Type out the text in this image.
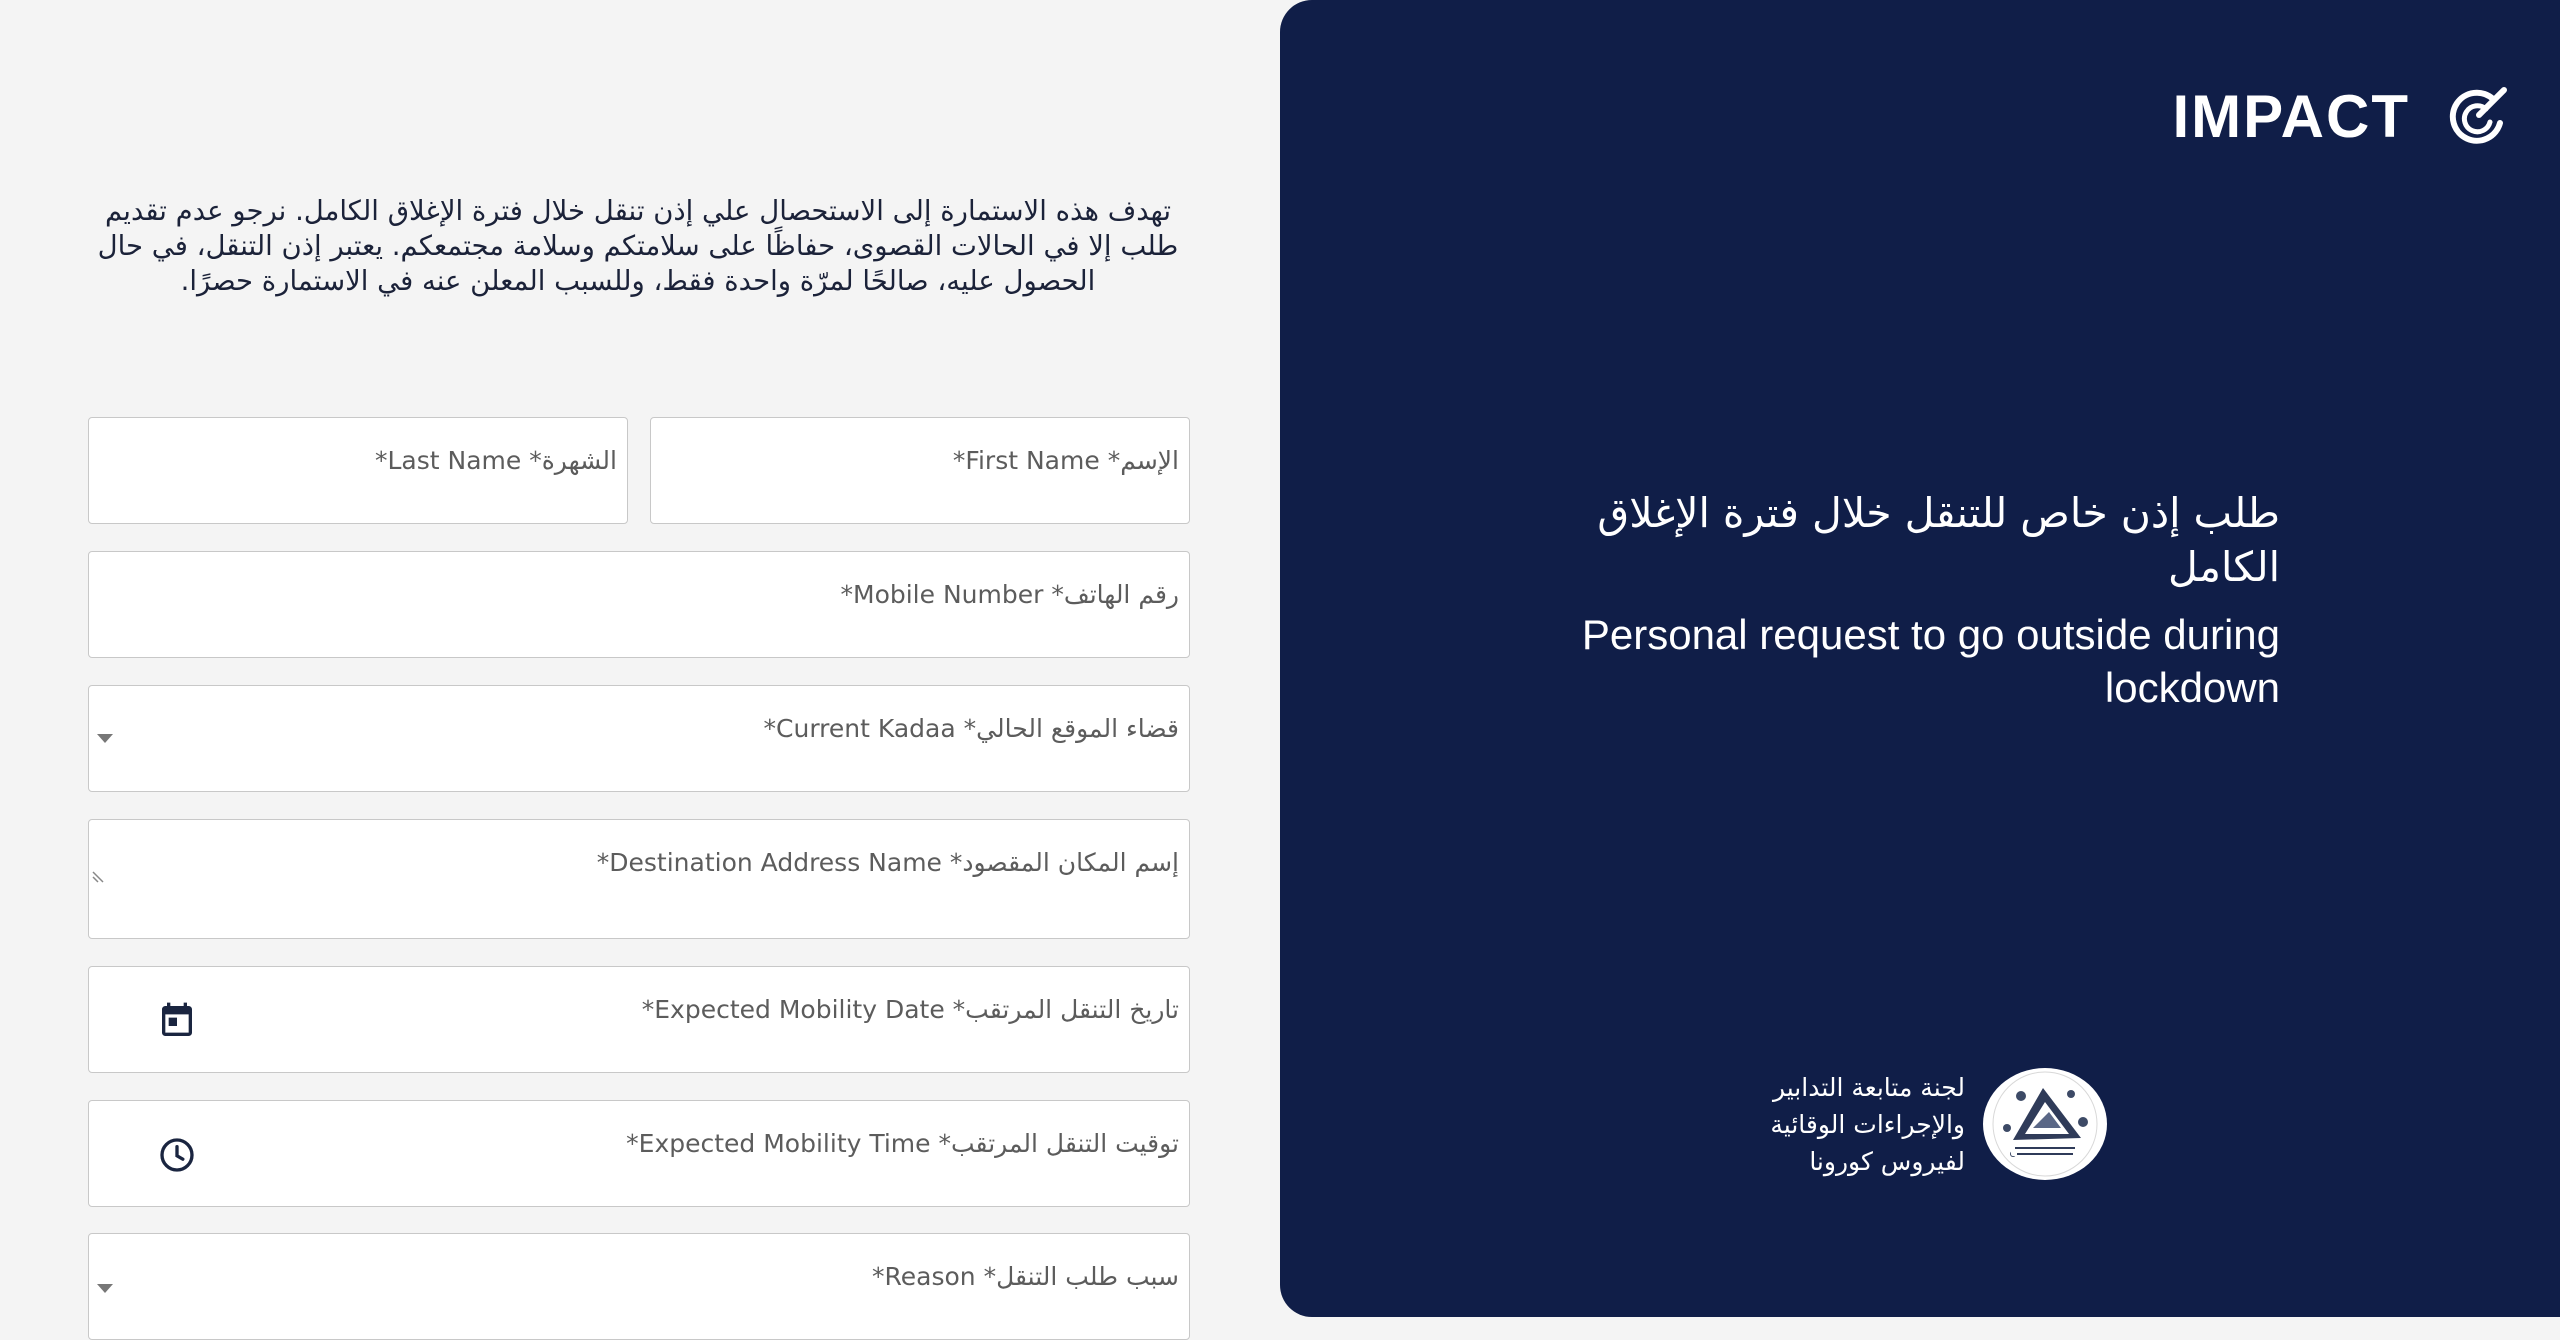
تهدف هذه الاستمارة إلى الاستحصال علي إذن تنقل خلال فترة الإغلاق الكامل. نرجو عدم تقديم طلب إلا في الحالات القصوى، حفاظًا على سلامتكم وسلامة مجتمعكم. يعتبر إذن التنقل، في حال الحصول عليه، صالحًا لمرّة واحدة فقط، وللسبب المعلن عنه في الاستمارة حصرًا.
الشهرة* Last Name*	الإسم* First Name*
رقم الهاتف* Mobile Number*
قضاء الموقع الحالي* Current Kadaa*
إسم المكان المقصود* Destination Address Name*
تاريخ التنقل المرتقب* Expected Mobility Date*
توقيت التنقل المرتقب* Expected Mobility Time*
سبب طلب التنقل* Reason*
IMPACT
طلب إذن خاص للتنقل خلال فترة الإغلاق الكامل
Personal request to go outside during lockdown
لجنة متابعة التدابير
والإجراءات الوقائية
لفيروس كورونا
